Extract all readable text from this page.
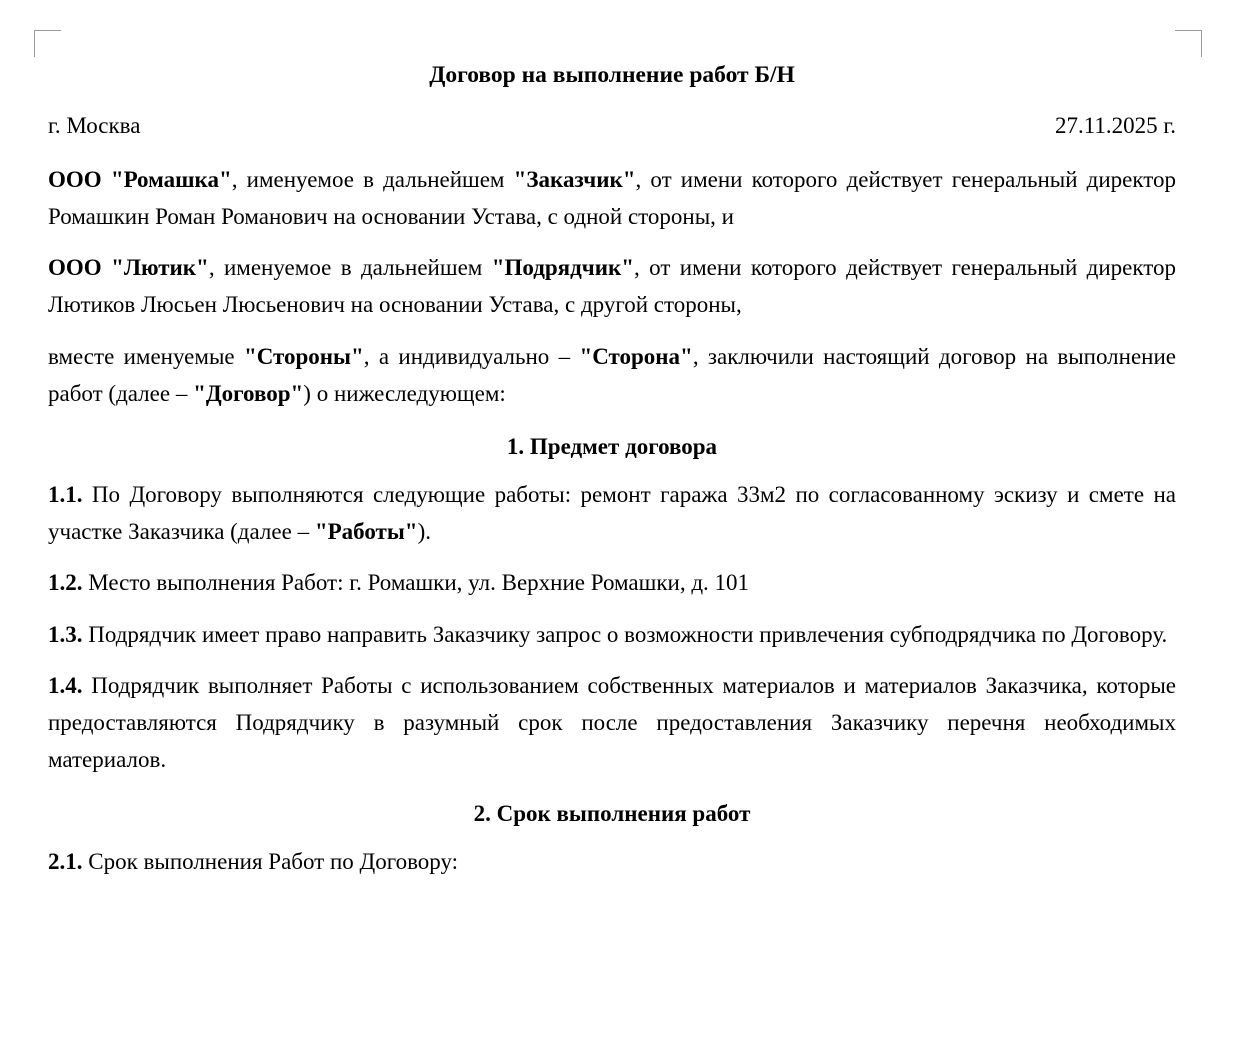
Договор на выполнение работ Б/Н
г. Москва	27.11.2025 г.

ООО "Ромашка", именуемое в дальнейшем "Заказчик", от имени которого действует генеральный директор Ромашкин Роман Романович на основании Устава, с одной стороны, и

ООО "Лютик", именуемое в дальнейшем "Подрядчик", от имени которого действует генеральный директор Лютиков Люсьен Люсьенович на основании Устава, с другой стороны,

вместе именуемые "Стороны", а индивидуально – "Сторона", заключили настоящий договор на выполнение работ (далее – "Договор") о нижеследующем:

1. Предмет договора

1.1. По Договору выполняются следующие работы: ремонт гаража 33м2 по согласованному эскизу и смете на участке Заказчика (далее – "Работы").

1.2. Место выполнения Работ: г. Ромашки, ул. Верхние Ромашки, д. 101

1.3. Подрядчик имеет право направить Заказчику запрос о возможности привлечения субподрядчика по Договору.

1.4. Подрядчик выполняет Работы с использованием собственных материалов и материалов Заказчика, которые предоставляются Подрядчику в разумный срок после предоставления Заказчику перечня необходимых материалов.

2. Срок выполнения работ

2.1. Срок выполнения Работ по Договору:
